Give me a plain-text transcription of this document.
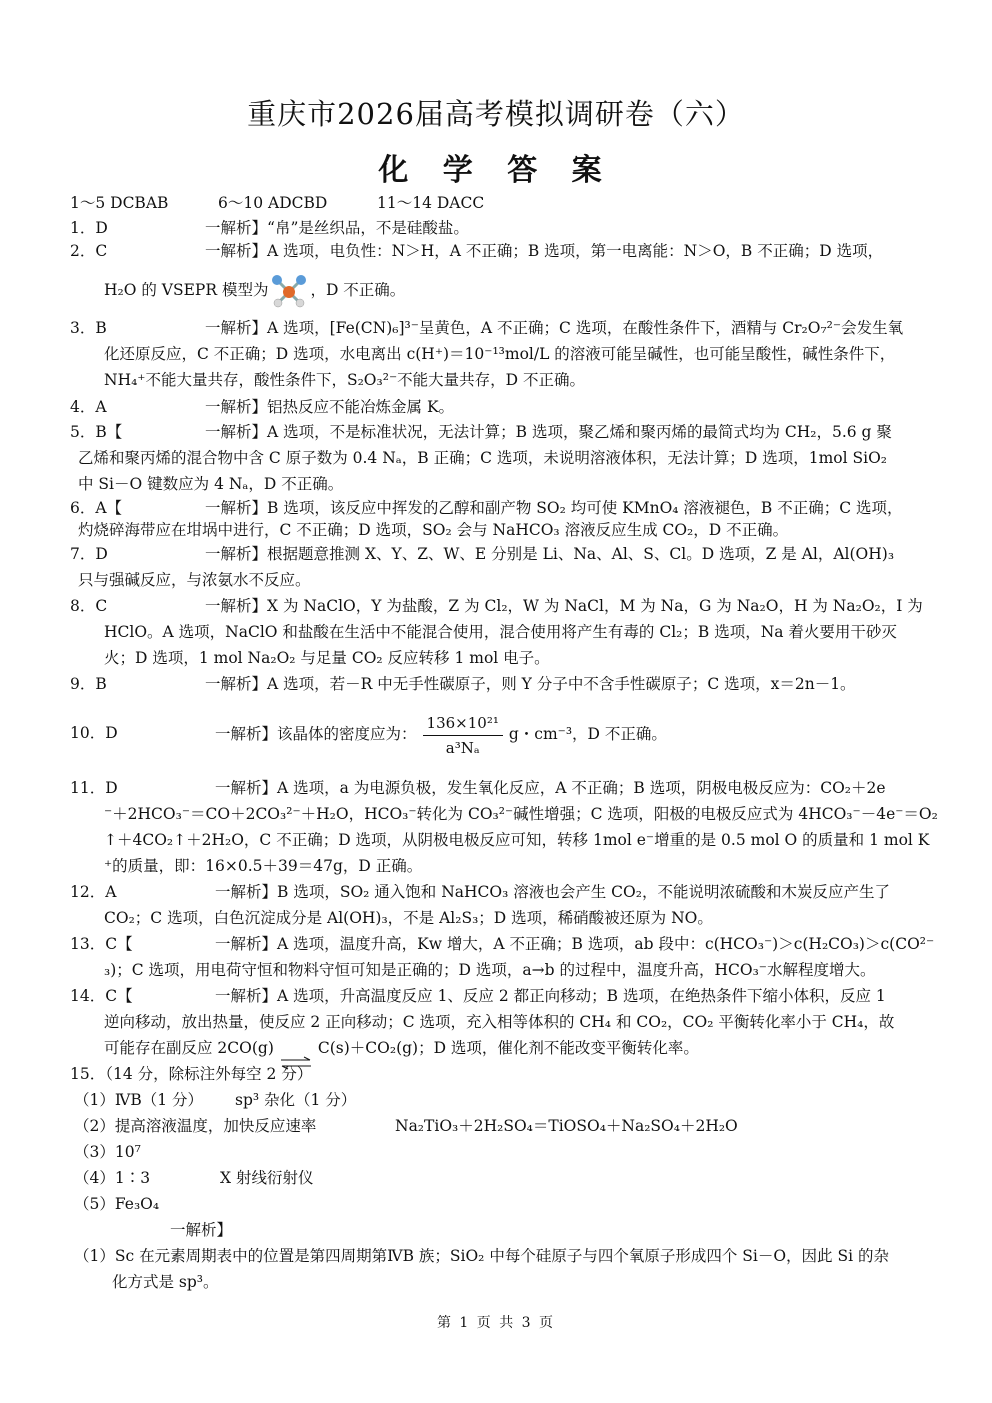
重庆市2026届高考模拟调研卷（六）
化 学 答 案
1～5 DCBAB	6～10 ADCBD	11～14 DACC
1．D	一解析】“帛”是丝织品，不是硅酸盐。
2．C	一解析】A 选项，电负性：N＞H，A 不正确；B 选项，第一电离能：N＞O，B 不正确；D 选项，
H₂O 的 VSEPR 模型为	，D 不正确。
3．B	一解析】A 选项，[Fe(CN)₆]³⁻呈黄色，A 不正确；C 选项，在酸性条件下，酒精与 Cr₂O₇²⁻会发生氧
化还原反应，C 不正确；D 选项，水电离出 c(H⁺)＝10⁻¹³mol/L 的溶液可能呈碱性，也可能呈酸性，碱性条件下，
NH₄⁺不能大量共存，酸性条件下，S₂O₃²⁻不能大量共存，D 不正确。
4．A	一解析】铝热反应不能冶炼金属 K。
5．B【	一解析】A 选项，不是标准状况，无法计算；B 选项，聚乙烯和聚丙烯的最简式均为 CH₂，5.6 g 聚
乙烯和聚丙烯的混合物中含 C 原子数为 0.4 Nₐ，B 正确；C 选项，未说明溶液体积，无法计算；D 选项，1mol SiO₂
中 Si－O 键数应为 4 Nₐ，D 不正确。
6．A【	一解析】B 选项，该反应中挥发的乙醇和副产物 SO₂ 均可使 KMnO₄ 溶液褪色，B 不正确；C 选项，
灼烧碎海带应在坩埚中进行，C 不正确；D 选项，SO₂ 会与 NaHCO₃ 溶液反应生成 CO₂，D 不正确。
7．D	一解析】根据题意推测 X、Y、Z、W、E 分别是 Li、Na、Al、S、Cl。D 选项，Z 是 Al，Al(OH)₃
只与强碱反应，与浓氨水不反应。
8．C	一解析】X 为 NaClO，Y 为盐酸，Z 为 Cl₂，W 为 NaCl，M 为 Na，G 为 Na₂O，H 为 Na₂O₂，I 为
HClO。A 选项，NaClO 和盐酸在生活中不能混合使用，混合使用将产生有毒的 Cl₂；B 选项，Na 着火要用干砂灭
火；D 选项，1 mol Na₂O₂ 与足量 CO₂ 反应转移 1 mol 电子。
9．B	一解析】A 选项，若－R 中无手性碳原子，则 Y 分子中不含手性碳原子；C 选项，x＝2n－1。
10．D	一解析】该晶体的密度应为： $\frac{\text{136×10²¹}}{\text{a³Nₐ}}$ g・cm⁻³，D 不正确。
11．D	一解析】A 选项，a 为电源负极，发生氧化反应，A 不正确；B 选项，阴极电极反应为：CO₂＋2e
⁻＋2HCO₃⁻＝CO＋2CO₃²⁻＋H₂O，HCO₃⁻转化为 CO₃²⁻碱性增强；C 选项，阳极的电极反应式为 4HCO₃⁻－4e⁻＝O₂
↑＋4CO₂↑＋2H₂O，C 不正确；D 选项，从阴极电极反应可知，转移 1mol e⁻增重的是 0.5 mol O 的质量和 1 mol K
⁺的质量，即：16×0.5＋39＝47g，D 正确。
12．A	一解析】B 选项，SO₂ 通入饱和 NaHCO₃ 溶液也会产生 CO₂，不能说明浓硫酸和木炭反应产生了
CO₂；C 选项，白色沉淀成分是 Al(OH)₃，不是 Al₂S₃；D 选项，稀硝酸被还原为 NO。
13．C【	一解析】A 选项，温度升高，Kw 增大，A 不正确；B 选项，ab 段中：c(HCO₃⁻)＞c(H₂CO₃)＞c(CO²⁻
₃)；C 选项，用电荷守恒和物料守恒可知是正确的；D 选项，a→b 的过程中，温度升高，HCO₃⁻水解程度增大。
14．C【	一解析】A 选项，升高温度反应 1、反应 2 都正向移动；B 选项，在绝热条件下缩小体积，反应 1
逆向移动，放出热量，使反应 2 正向移动；C 选项，充入相等体积的 CH₄ 和 CO₂，CO₂ 平衡转化率小于 CH₄，故
可能存在副反应 2CO(g)	C(s)＋CO₂(g)；D 选项，催化剂不能改变平衡转化率。
15．（14 分，除标注外每空 2 分）
（1）ⅣB（1 分） sp³ 杂化（1 分）
（2）提高溶液温度，加快反应速率	Na₂TiO₃＋2H₂SO₄＝TiOSO₄＋Na₂SO₄＋2H₂O
（3）10⁷
（4）1∶3	X 射线衍射仪
（5）Fe₃O₄
一解析】
（1）Sc 在元素周期表中的位置是第四周期第ⅣB 族；SiO₂ 中每个硅原子与四个氧原子形成四个 Si－O，因此 Si 的杂
化方式是 sp³。
第 1 页 共 3 页
